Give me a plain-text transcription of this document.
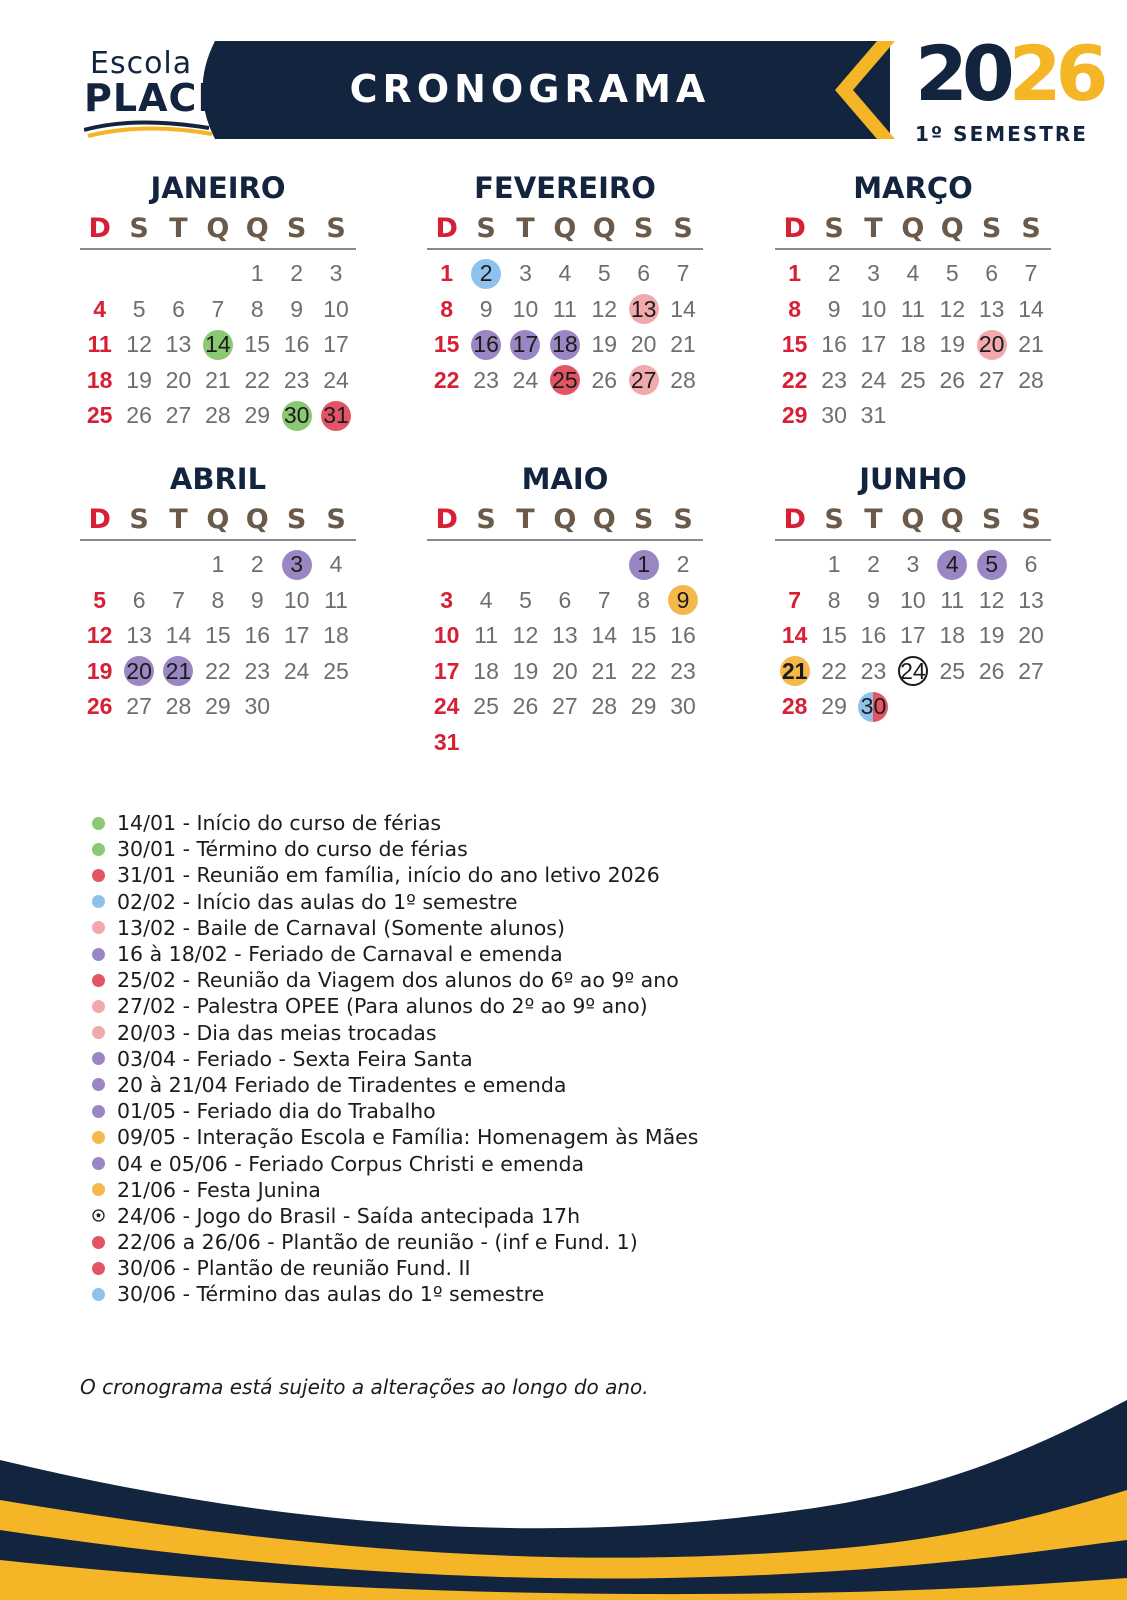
CRONOGRAMA
Escola
PLACE	2026
1º SEMESTRE
JANEIRO
D S T Q Q S S
1 2 3
4 5 6 7 8 9 10
11 12 13 14 15 16 17
18 19 20 21 22 23 24
25 26 27 28 29 30 31
FEVEREIRO
D S T Q Q S S
1 2 3 4 5 6 7
8 9 10 11 12 13 14
15 16 17 18 19 20 21
22 23 24 25 26 27 28
MARÇO
D S T Q Q S S
1 2 3 4 5 6 7
8 9 10 11 12 13 14
15 16 17 18 19 20 21
22 23 24 25 26 27 28
29 30 31
ABRIL
D S T Q Q S S
1 2 3 4
5 6 7 8 9 10 11
12 13 14 15 16 17 18
19 20 21 22 23 24 25
26 27 28 29 30
MAIO
D S T Q Q S S
1 2
3 4 5 6 7 8 9
10 11 12 13 14 15 16
17 18 19 20 21 22 23
24 25 26 27 28 29 30
31
JUNHO
D S T Q Q S S
1 2 3 4 5 6
7 8 9 10 11 12 13
14 15 16 17 18 19 20
21 22 23 24 25 26 27
28 29 30
14/01 - Início do curso de férias
30/01 - Término do curso de férias
31/01 - Reunião em família, início do ano letivo 2026
02/02 - Início das aulas do 1º semestre
13/02 - Baile de Carnaval (Somente alunos)
16 à 18/02 - Feriado de Carnaval e emenda
25/02 - Reunião da Viagem dos alunos do 6º ao 9º ano
27/02 - Palestra OPEE (Para alunos do 2º ao 9º ano)
20/03 - Dia das meias trocadas
03/04 - Feriado - Sexta Feira Santa
20 à 21/04 Feriado de Tiradentes e emenda
01/05 - Feriado dia do Trabalho
09/05 - Interação Escola e Família: Homenagem às Mães
04 e 05/06 - Feriado Corpus Christi e emenda
21/06 - Festa Junina
24/06 - Jogo do Brasil - Saída antecipada 17h
22/06 a 26/06 - Plantão de reunião - (inf e Fund. 1)
30/06 - Plantão de reunião Fund. II
30/06 - Término das aulas do 1º semestre
O cronograma está sujeito a alterações ao longo do ano.
